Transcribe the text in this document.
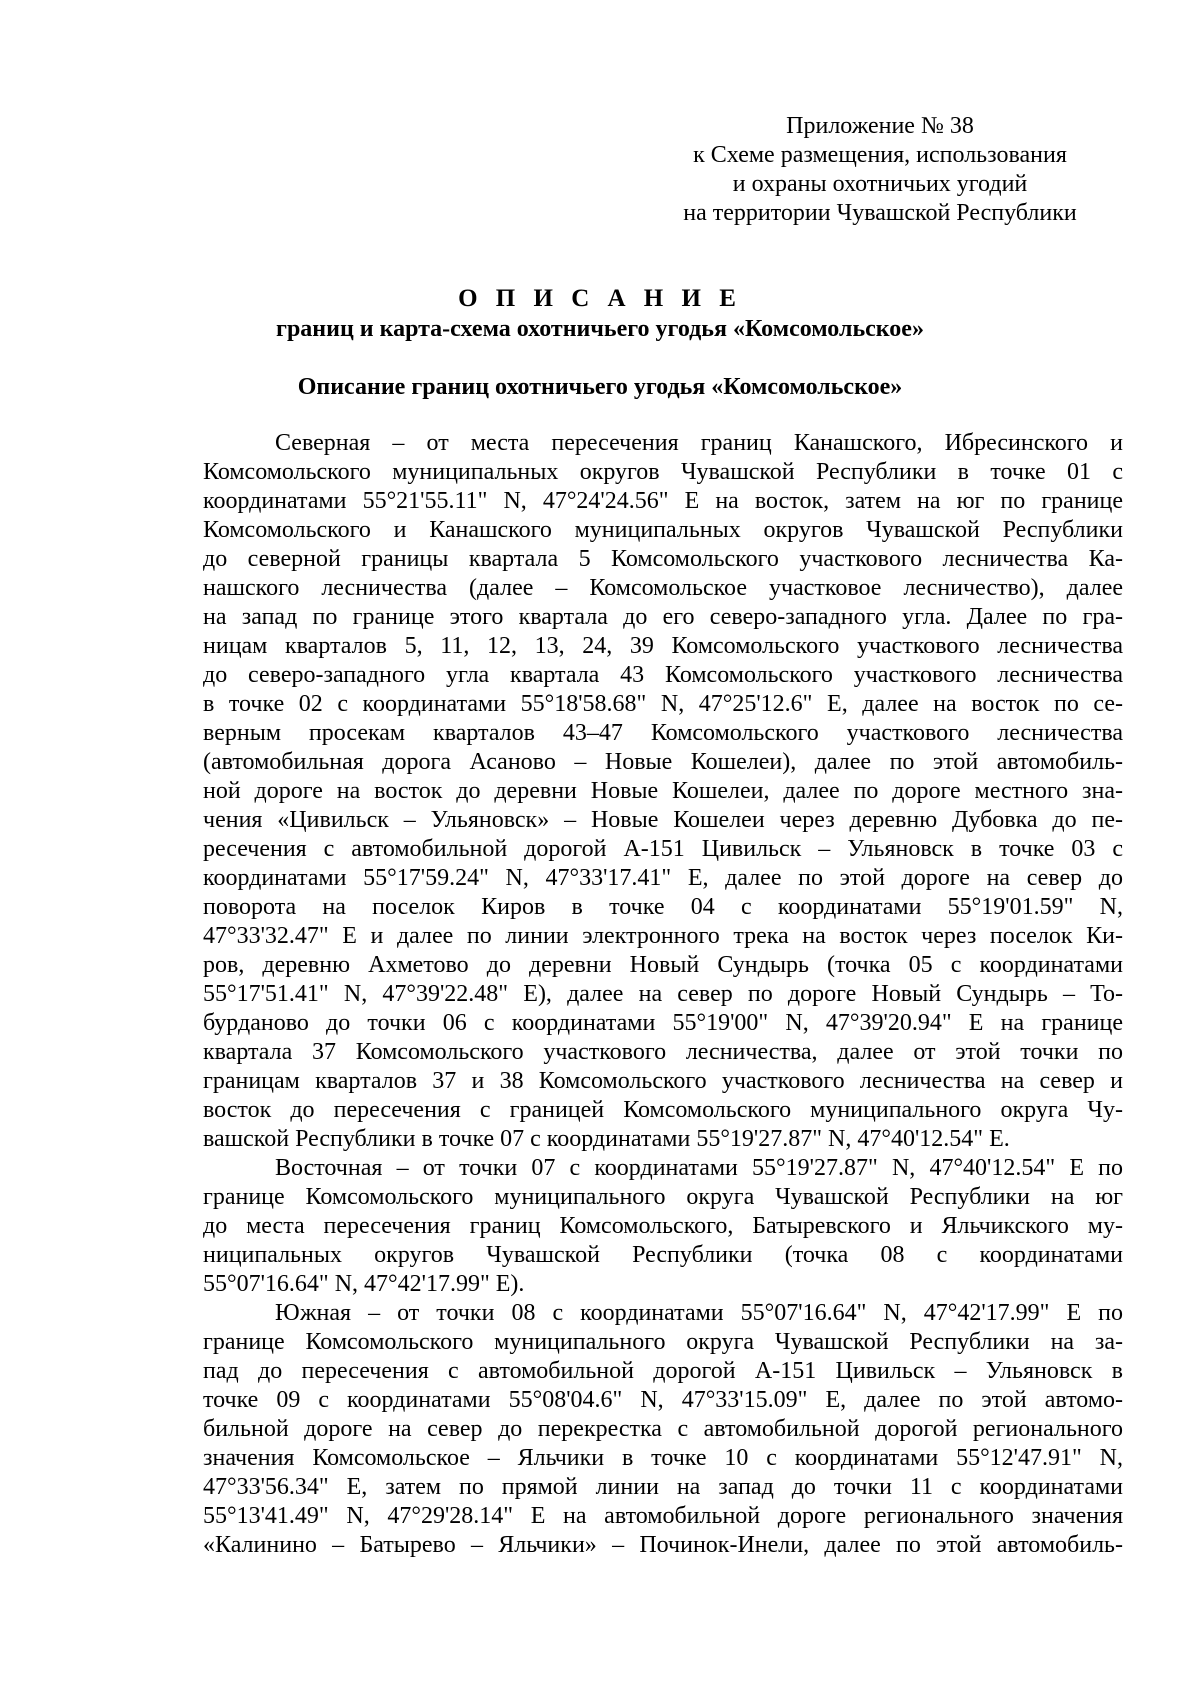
Приложение № 38
к Схеме размещения, использования
и охраны охотничьих угодий
на территории Чувашской Республики
О П И С А Н И Е
границ и карта-схема охотничьего угодья «Комсомольское»
Описание границ охотничьего угодья «Комсомольское»
Северная – от места пересечения границ Канашского, Ибресинского и
Комсомольского муниципальных округов Чувашской Республики в точке 01 с
координатами 55°21'55.11" N, 47°24'24.56" E на восток, затем на юг по границе
Комсомольского и Канашского муниципальных округов Чувашской Республики
до северной границы квартала 5 Комсомольского участкового лесничества Ка-
нашского лесничества (далее – Комсомольское участковое лесничество), далее
на запад по границе этого квартала до его северо-западного угла. Далее по гра-
ницам кварталов 5, 11, 12, 13, 24, 39 Комсомольского участкового лесничества
до северо-западного угла квартала 43 Комсомольского участкового лесничества
в точке 02 с координатами 55°18'58.68" N, 47°25'12.6" E, далее на восток по се-
верным просекам кварталов 43–47 Комсомольского участкового лесничества
(автомобильная дорога Асаново – Новые Кошелеи), далее по этой автомобиль-
ной дороге на восток до деревни Новые Кошелеи, далее по дороге местного зна-
чения «Цивильск – Ульяновск» – Новые Кошелеи через деревню Дубовка до пе-
ресечения с автомобильной дорогой А-151 Цивильск – Ульяновск в точке 03 с
координатами 55°17'59.24" N, 47°33'17.41" E, далее по этой дороге на север до
поворота на поселок Киров в точке 04 с координатами 55°19'01.59" N,
47°33'32.47" E и далее по линии электронного трека на восток через поселок Ки-
ров, деревню Ахметово до деревни Новый Сундырь (точка 05 с координатами
55°17'51.41" N, 47°39'22.48" E), далее на север по дороге Новый Сундырь – То-
бурданово до точки 06 с координатами 55°19'00" N, 47°39'20.94" E на границе
квартала 37 Комсомольского участкового лесничества, далее от этой точки по
границам кварталов 37 и 38 Комсомольского участкового лесничества на север и
восток до пересечения с границей Комсомольского муниципального округа Чу-
вашской Республики в точке 07 с координатами 55°19'27.87" N, 47°40'12.54" E.
Восточная – от точки 07 с координатами 55°19'27.87" N, 47°40'12.54" E по
границе Комсомольского муниципального округа Чувашской Республики на юг
до места пересечения границ Комсомольского, Батыревского и Яльчикского му-
ниципальных округов Чувашской Республики (точка 08 с координатами
55°07'16.64" N, 47°42'17.99" E).
Южная – от точки 08 с координатами 55°07'16.64" N, 47°42'17.99" E по
границе Комсомольского муниципального округа Чувашской Республики на за-
пад до пересечения с автомобильной дорогой А-151 Цивильск – Ульяновск в
точке 09 с координатами 55°08'04.6" N, 47°33'15.09" E, далее по этой автомо-
бильной дороге на север до перекрестка с автомобильной дорогой регионального
значения Комсомольское – Яльчики в точке 10 с координатами 55°12'47.91" N,
47°33'56.34" E, затем по прямой линии на запад до точки 11 с координатами
55°13'41.49" N, 47°29'28.14" E на автомобильной дороге регионального значения
«Калинино – Батырево – Яльчики» – Починок-Инели, далее по этой автомобиль-
